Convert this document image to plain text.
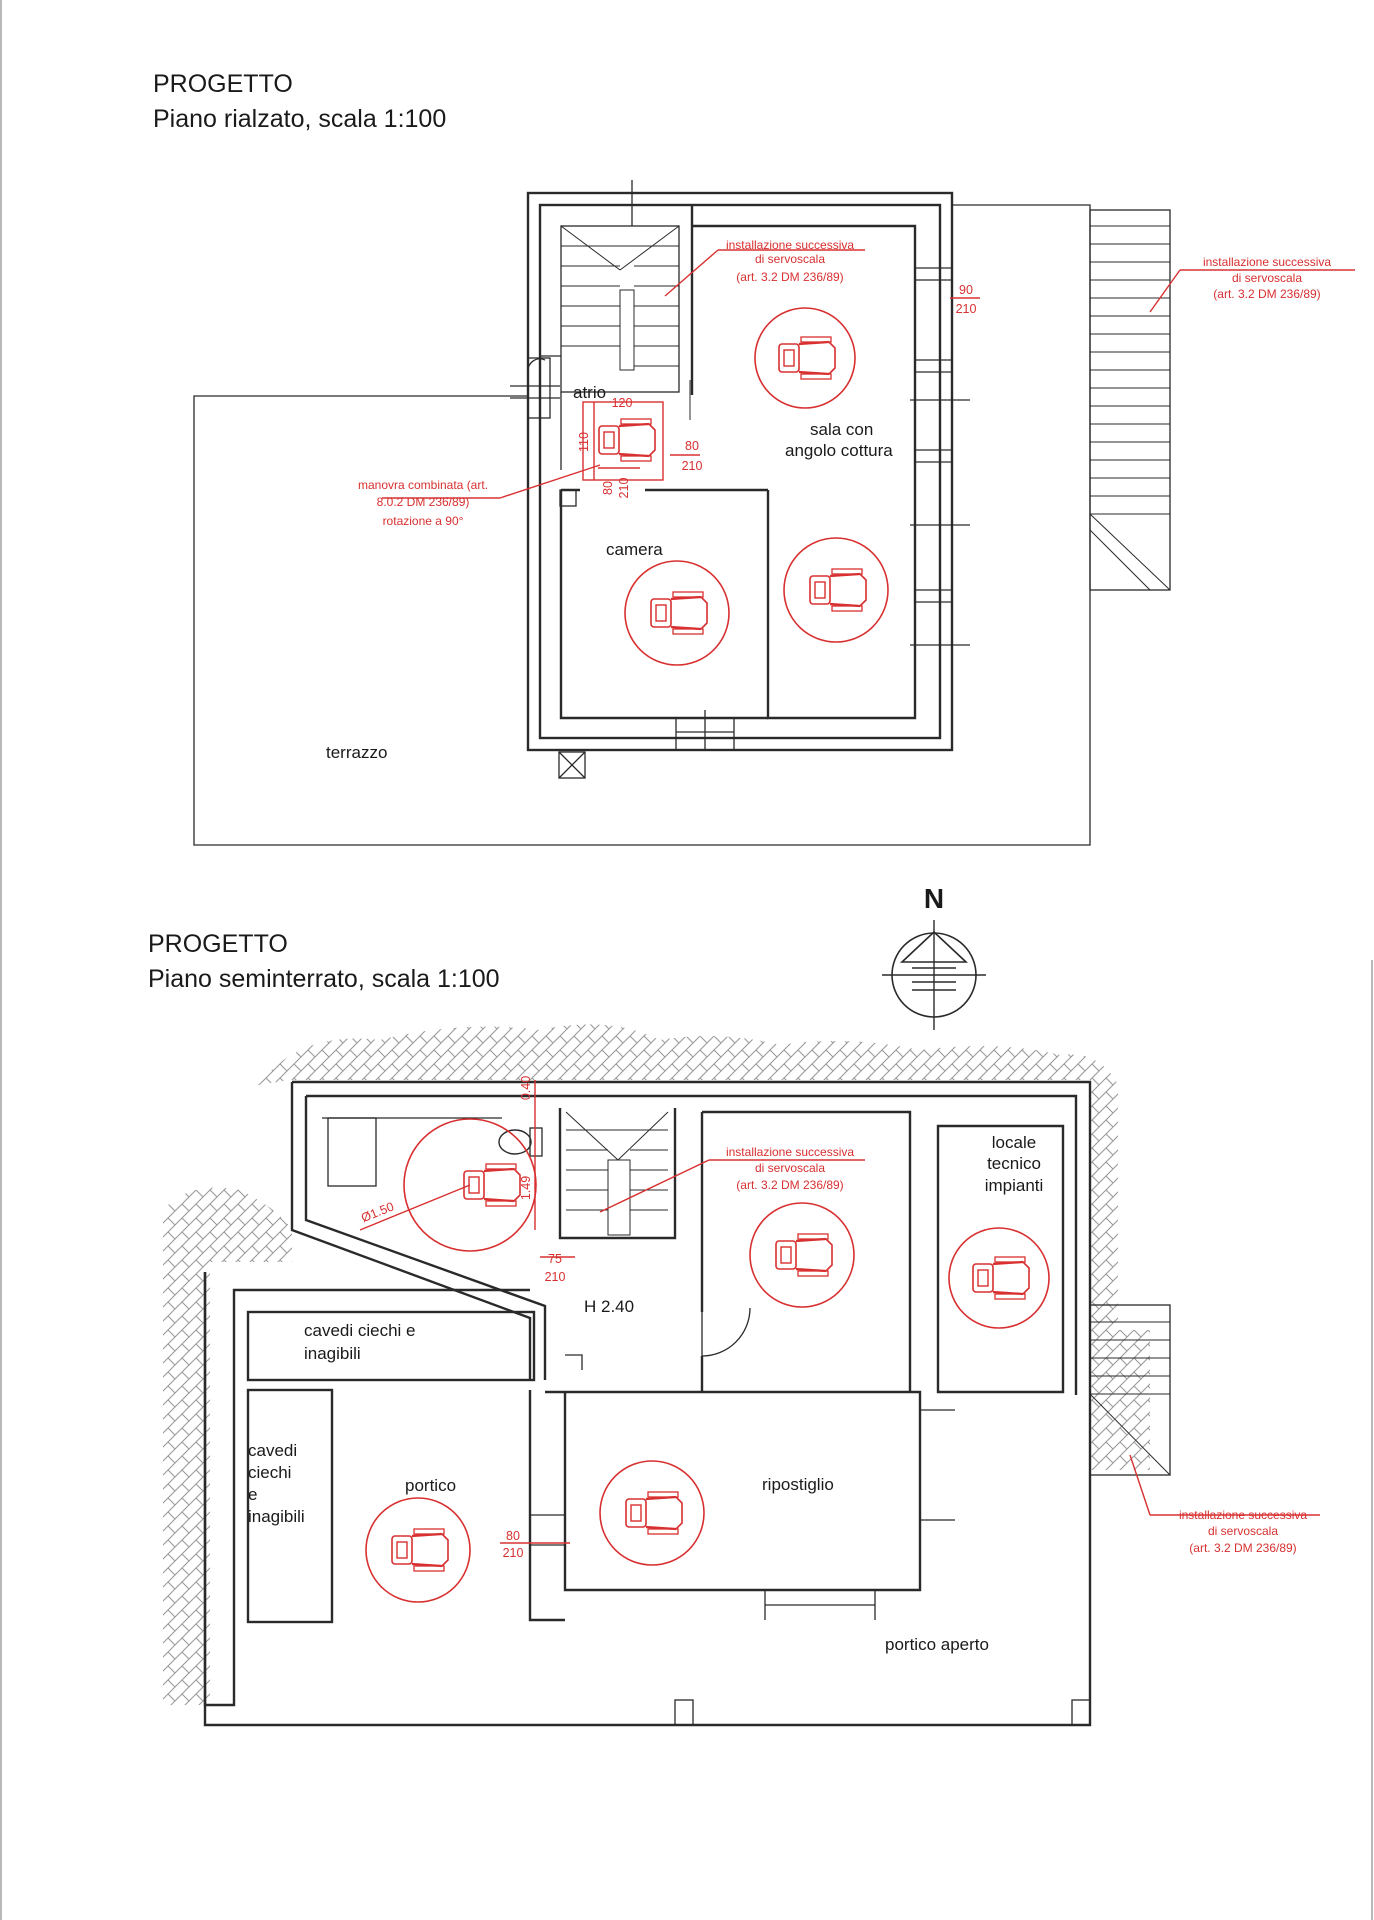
PROGETTO
Piano rialzato, scala 1:100
atrio
sala con
angolo cottura
camera
terrazzo
installazione successiva
di servoscala
(art. 3.2 DM 236/89)
installazione successiva
di servoscala
(art. 3.2 DM 236/89)
manovra combinata (art.
8.0.2 DM 236/89)
rotazione a 90°
90
210
80
210
120
110
80 210
N
PROGETTO
Piano seminterrato, scala 1:100
locale
tecnico
impianti
H 2.40
cavedi ciechi e
inagibili
cavedi
ciechi
e
inagibili
portico	ripostiglio
portico aperto
installazione successiva
di servoscala
(art. 3.2 DM 236/89)
installazione successiva
di servoscala
(art. 3.2 DM 236/89)
Ø1.50
0.40
1.49
75
210
80
210
